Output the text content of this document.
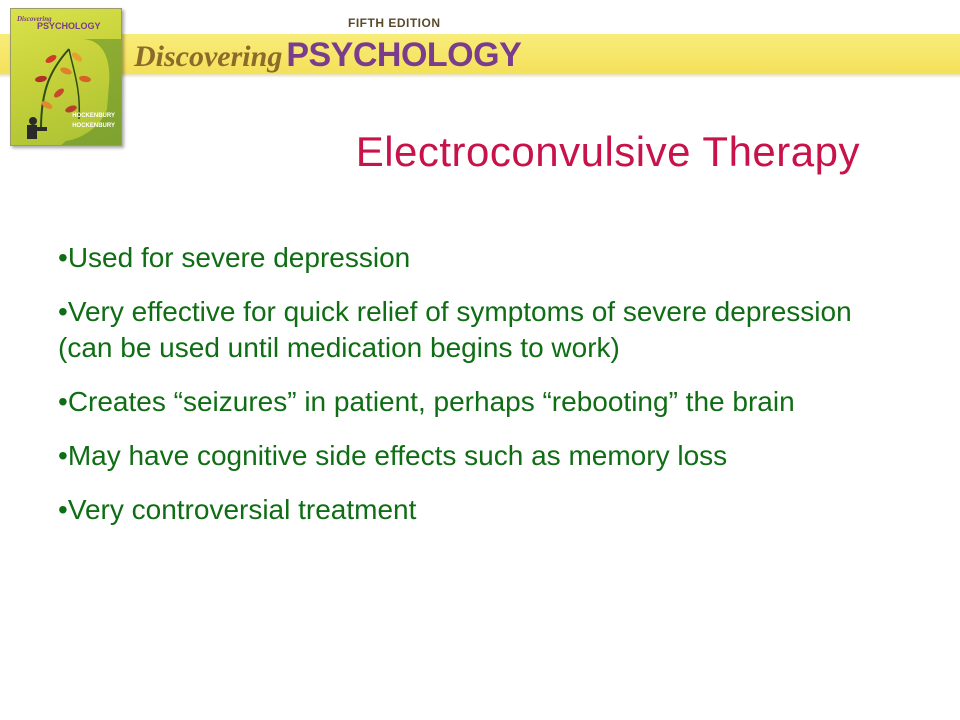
FIFTH EDITION
Discovering PSYCHOLOGY
Discovering
PSYCHOLOGY
HOCKENBURY
HOCKENBURY
Electroconvulsive Therapy
• Used for severe depression
• Very effective for quick relief of symptoms of severe depression (can be used until medication begins to work)
• Creates “seizures” in patient, perhaps “rebooting” the brain
• May have cognitive side effects such as memory loss
• Very controversial treatment
